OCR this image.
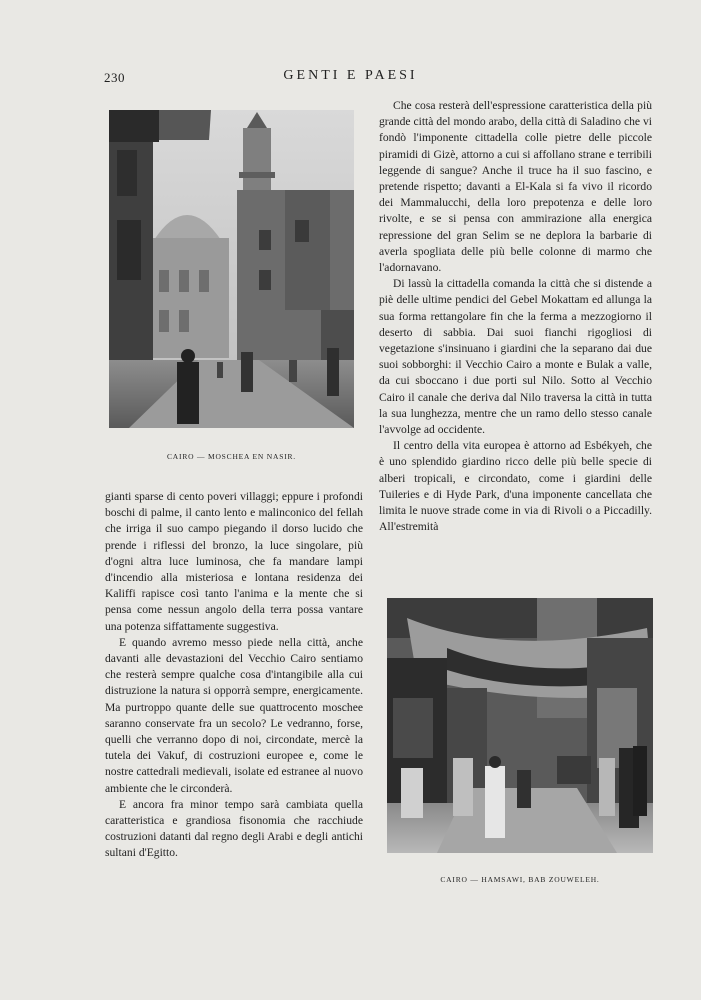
230	GENTI E PAESI
CAIRO — MOSCHEA EN NASIR.

Che cosa resterà dell'espressione caratteristica della più grande città del mondo arabo, della città di Saladino che vi fondò l'imponente cittadella colle pietre delle piccole piramidi di Gizè, attorno a cui si affollano strane e terribili leggende di sangue? Anche il truce ha il suo fascino, e pretende rispetto; davanti a El-Kala si fa vivo il ricordo dei Mammalucchi, della loro prepotenza e delle loro rivolte, e se si pensa con ammirazione alla energica repressione del gran Selim se ne deplora la barbarie di averla spogliata delle più belle colonne di marmo che l'adornavano.

Di lassù la cittadella comanda la città che si distende a piè delle ultime pendici del Gebel Mokattam ed allunga la sua forma rettangolare fin che la ferma a mezzogiorno il deserto di sabbia. Dai suoi fianchi rigogliosi di vegetazione s'insinuano i giardini che la separano dai due suoi sobborghi: il Vecchio Cairo a monte e Bulak a valle, da cui sboccano i due porti sul Nilo. Sotto al Vecchio Cairo il canale che deriva dal Nilo traversa la città in tutta la sua lunghezza, mentre che un ramo dello stesso canale l'avvolge ad occidente.

Il centro della vita europea è attorno ad Esbékyeh, che è uno splendido giardino ricco delle più belle specie di alberi tropicali, e circondato, come i giardini delle Tuileries e di Hyde Park, d'una imponente cancellata che limita le nuove strade come in via di Rivoli o a Piccadilly. All'estremità

gianti sparse di cento poveri villaggi; eppure i profondi boschi di palme, il canto lento e malinconico del fellah che irriga il suo campo piegando il dorso lucido che prende i riflessi del bronzo, la luce singolare, più d'ogni altra luce luminosa, che fa mandare lampi d'incendio alla misteriosa e lontana residenza dei Kaliffi rapisce così tanto l'anima e la mente che si pensa come nessun angolo della terra possa vantare una potenza siffattamente suggestiva.

E quando avremo messo piede nella città, anche davanti alle devastazioni del Vecchio Cairo sentiamo che resterà sempre qualche cosa d'intangibile alla cui distruzione la natura si opporrà sempre, energicamente. Ma purtroppo quante delle sue quattrocento moschee saranno conservate fra un secolo? Le vedranno, forse, quelli che verranno dopo di noi, circondate, mercè la tutela dei Vakuf, di costruzioni europee e, come le nostre cattedrali medievali, isolate ed estranee al nuovo ambiente che le circonderà.

E ancora fra minor tempo sarà cambiata quella caratteristica e grandiosa fisonomia che racchiude costruzioni datanti dal regno degli Arabi e degli antichi sultani d'Egitto.

CAIRO — HAMSAWI, BAB ZOUWELEH.
